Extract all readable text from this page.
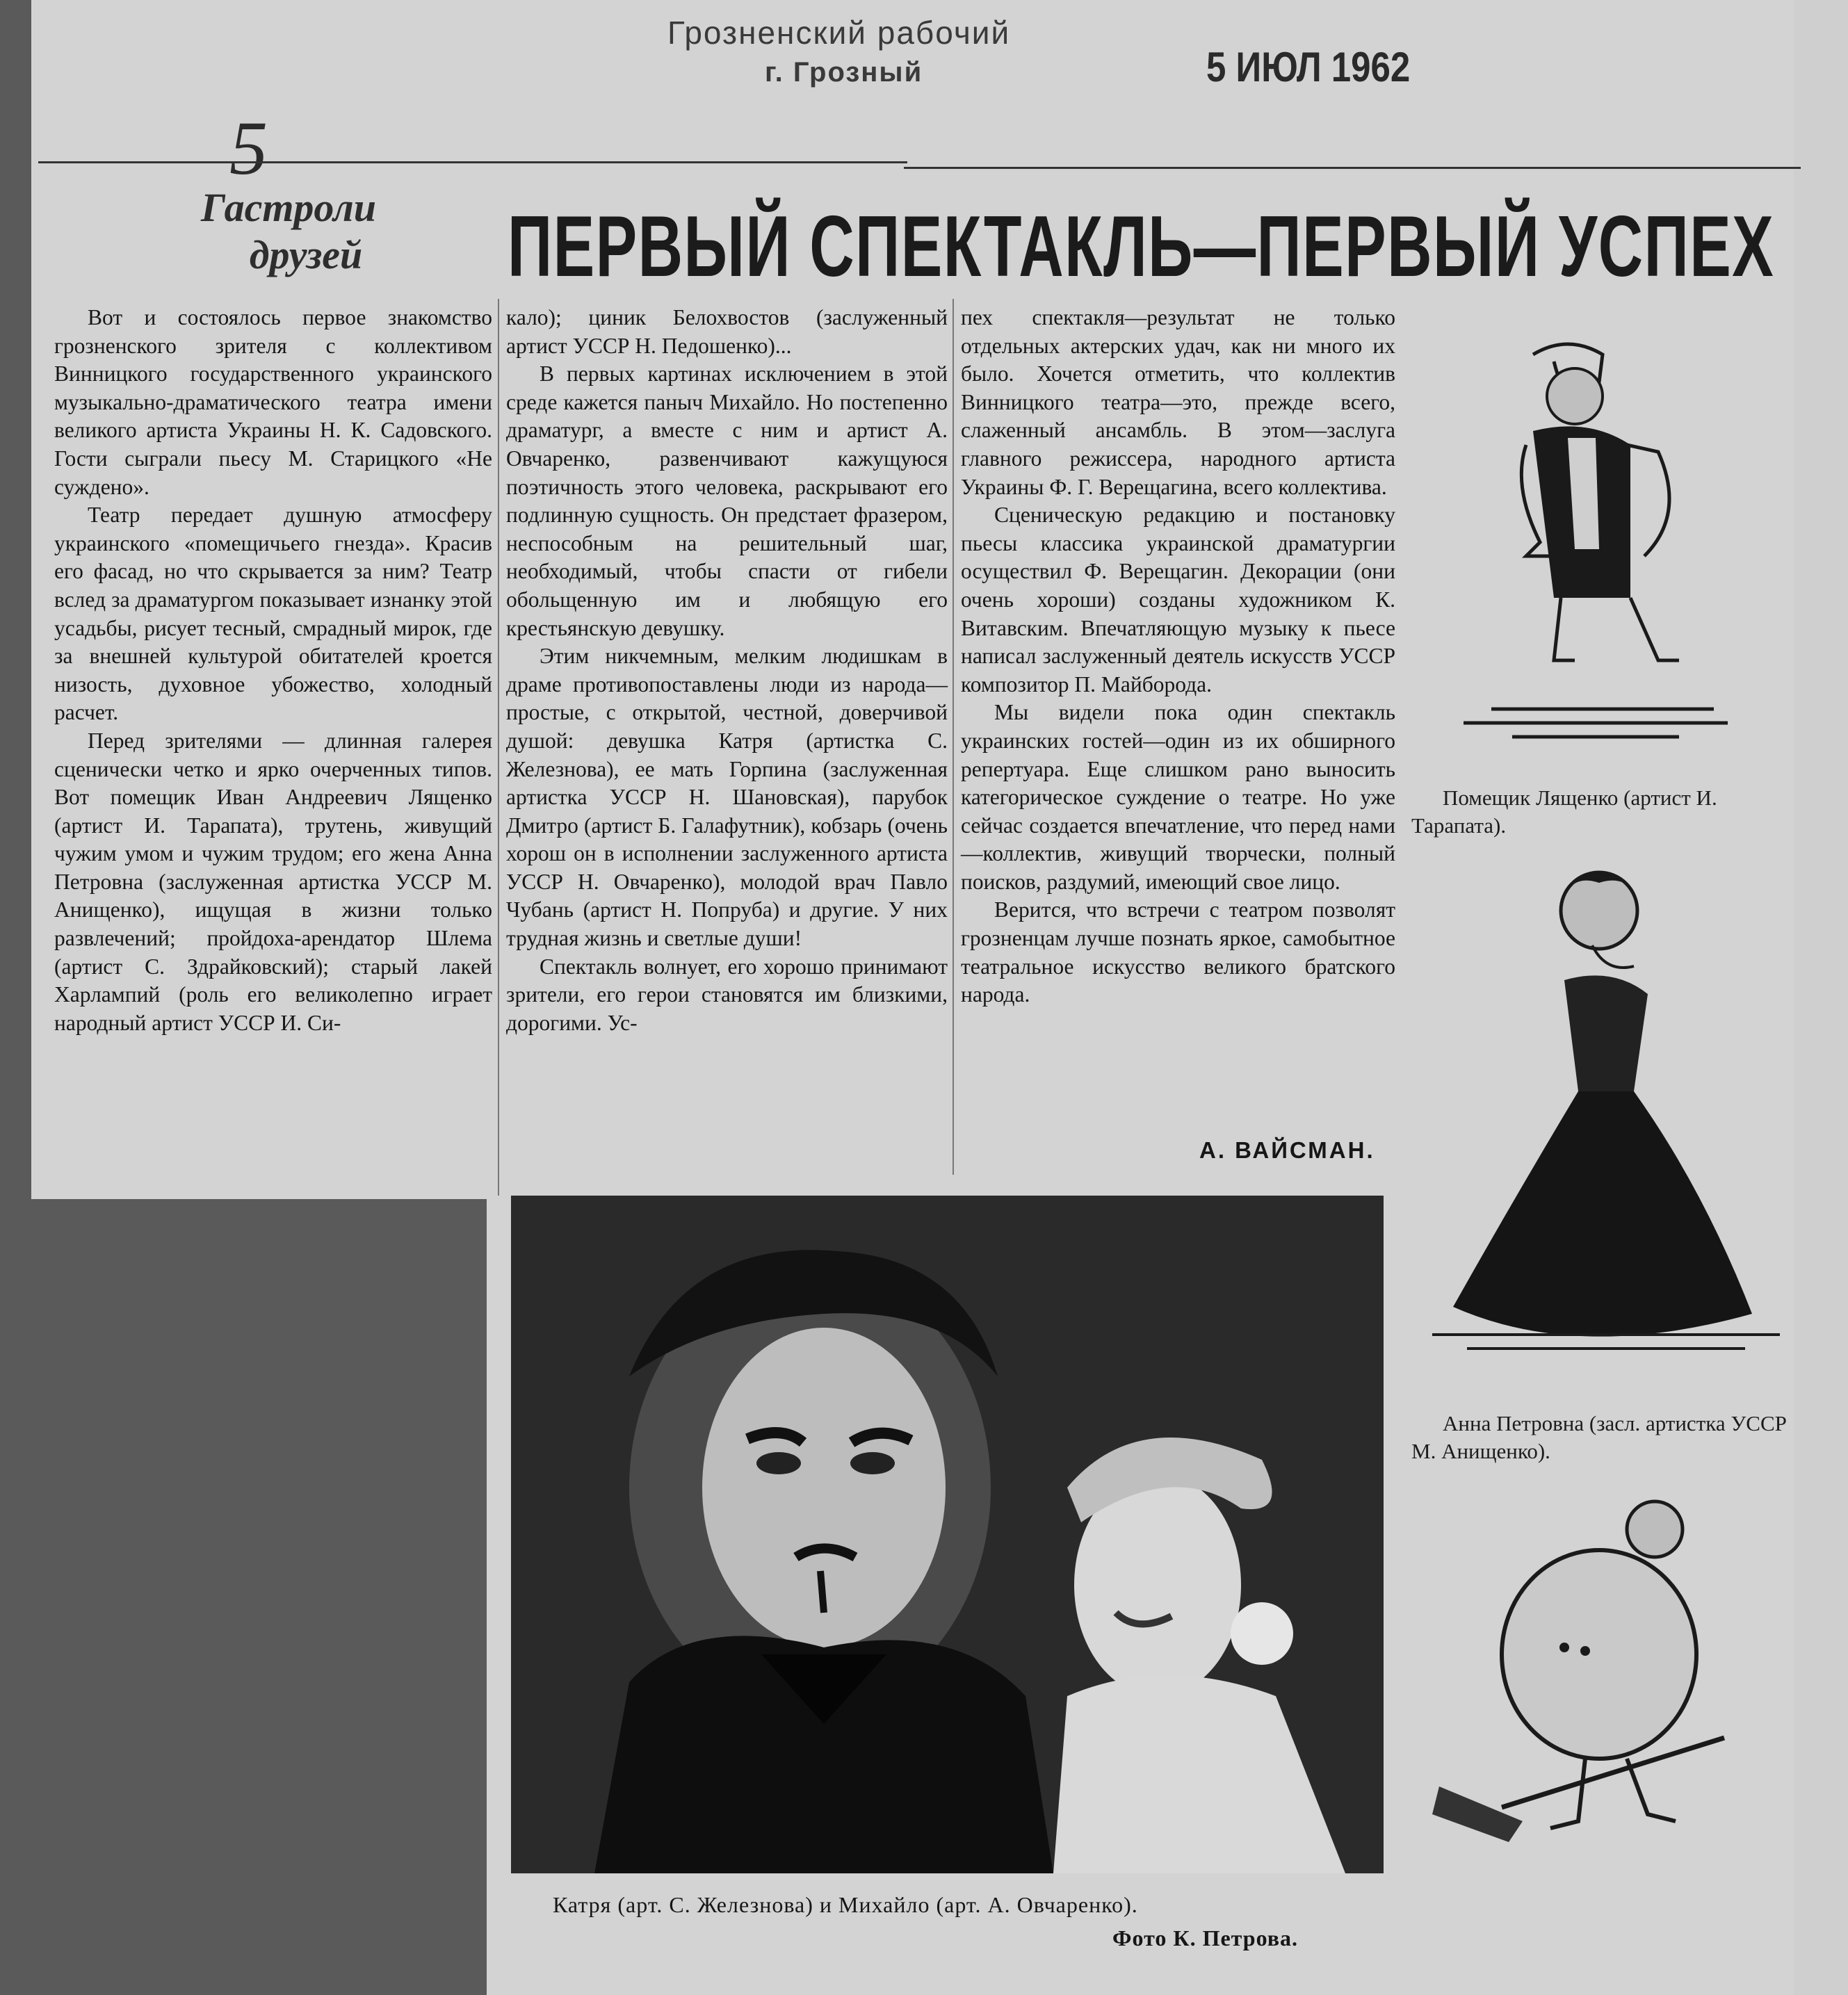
Грозненский рабочий
г. Грозный	5 ИЮЛ 1962
5
Гастроли
друзей	ПЕРВЫЙ СПЕКТАКЛЬ—ПЕРВЫЙ УСПЕХ

Вот и состоялось первое знакомство грозненского зрителя с коллективом Винницкого государственного украинского музыкально-драматического театра имени великого артиста Украины Н. К. Садовского. Гости сыграли пьесу М. Старицкого «Не суждено».

Театр передает душную атмосферу украинского «помещичьего гнезда». Красив его фасад, но что скрывается за ним? Театр вслед за драматургом показывает изнанку этой усадьбы, рисует тесный, смрадный мирок, где за внешней культурой обитателей кроется низость, духовное убожество, холодный расчет.

Перед зрителями — длинная галерея сценически четко и ярко очерченных типов. Вот помещик Иван Андреевич Лященко (артист И. Тарапата), трутень, живущий чужим умом и чужим трудом; его жена Анна Петровна (заслуженная артистка УССР М. Анищенко), ищущая в жизни только развлечений; пройдоха-арендатор Шлема (артист С. Здрайковский); старый лакей Харлампий (роль его великолепно играет народный артист УССР И. Си-

кало); циник Белохвостов (заслуженный артист УССР Н. Педошенко)...

В первых картинах исключением в этой среде кажется паныч Михайло. Но постепенно драматург, а вместе с ним и артист А. Овчаренко, развенчивают кажущуюся поэтичность этого человека, раскрывают его подлинную сущность. Он предстает фразером, неспособным на решительный шаг, необходимый, чтобы спасти от гибели обольщенную им и любящую его крестьянскую девушку.

Этим никчемным, мелким людишкам в драме противопоставлены люди из народа—простые, с открытой, честной, доверчивой душой: девушка Катря (артистка С. Железнова), ее мать Горпина (заслуженная артистка УССР Н. Шановская), парубок Дмитро (артист Б. Галафутник), кобзарь (очень хорош он в исполнении заслуженного артиста УССР Н. Овчаренко), молодой врач Павло Чубань (артист Н. Попруба) и другие. У них трудная жизнь и светлые души!

Спектакль волнует, его хорошо принимают зрители, его герои становятся им близкими, дорогими. Ус-

пех спектакля—результат не только отдельных актерских удач, как ни много их было. Хочется отметить, что коллектив Винницкого театра—это, прежде всего, слаженный ансамбль. В этом—заслуга главного режиссера, народного артиста Украины Ф. Г. Верещагина, всего коллектива.

Сценическую редакцию и постановку пьесы классика украинской драматургии осуществил Ф. Верещагин. Декорации (они очень хороши) созданы художником К. Витавским. Впечатляющую музыку к пьесе написал заслуженный деятель искусств УССР композитор П. Майборода.

Мы видели пока один спектакль украинских гостей—один из их обширного репертуара. Еще слишком рано выносить категорическое суждение о театре. Но уже сейчас создается впечатление, что перед нами—коллектив, живущий творчески, полный поисков, раздумий, имеющий свое лицо.

Верится, что встречи с театром позволят грозненцам лучше познать яркое, самобытное театральное искусство великого братского народа.

А. ВАЙСМАН.
Катря (арт. С. Железнова) и Михайло (арт. А. Овчаренко).
Фото К. Петрова.
Помещик Лященко (артист И. Тарапата).
Анна Петровна (засл. артистка УССР М. Анищенко).
